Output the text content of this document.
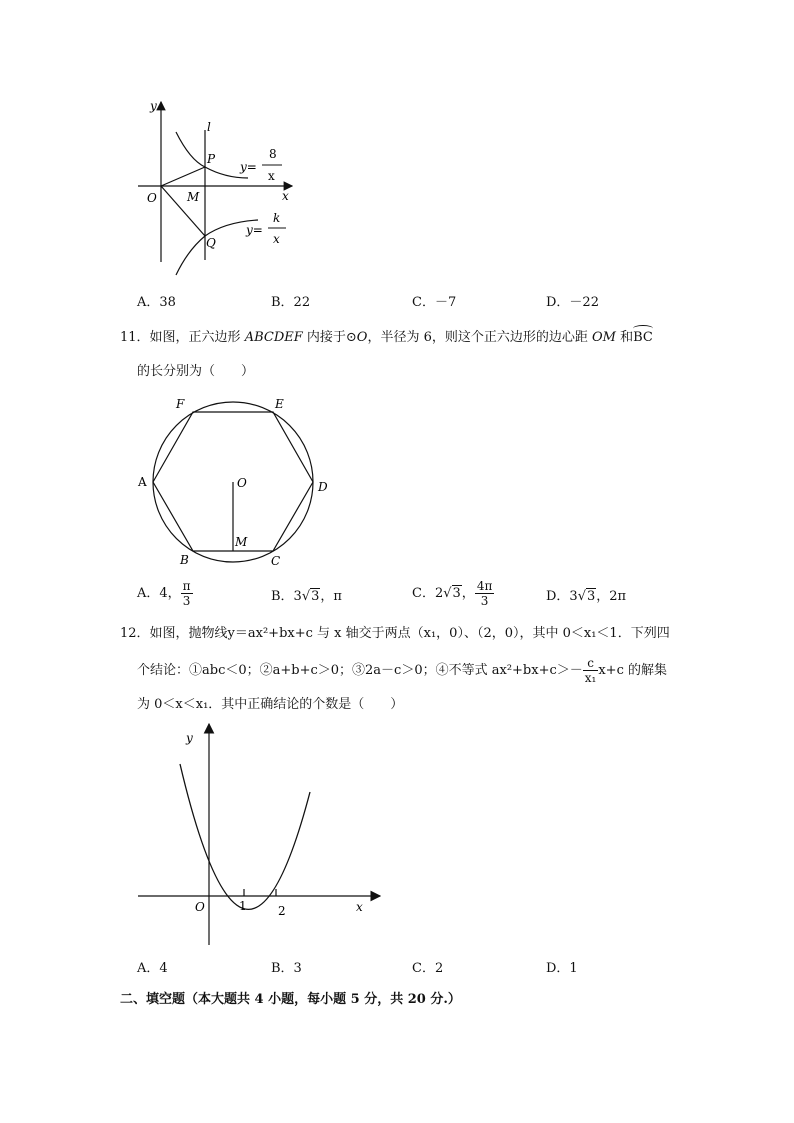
y
l
P
O	M	x
Q
y=
8
x
y=
k
x
A．38	B．22	C．－7	D．－22
11．如图，正六边形 ABCDEF 内接于⊙O，半径为 6，则这个正六边形的边心距 OM 和BC
的长分别为（　　）
F	E
A	O	D
B
M
C
A．4， $\frac{\pi}{3}$	B．3√3，π	C．2√3， $\frac{4\pi}{3}$	D．3√3，2π
12．如图，抛物线y＝ax²+bx+c 与 x 轴交于两点（x₁，0）、（2，0），其中 0＜x₁＜1．下列四
个结论：①abc＜0；②a+b+c＞0；③2a－c＞0；④不等式 $ax^2+bx+c>- \frac{c}{\text{x₁}} x+c$ 的解集
为 0＜x＜x₁．其中正确结论的个数是（　　）
y
O	1	2	x
A．4	B．3	C．2	D．1
二、填空题（本大题共 4 小题，每小题 5 分，共 20 分.）
